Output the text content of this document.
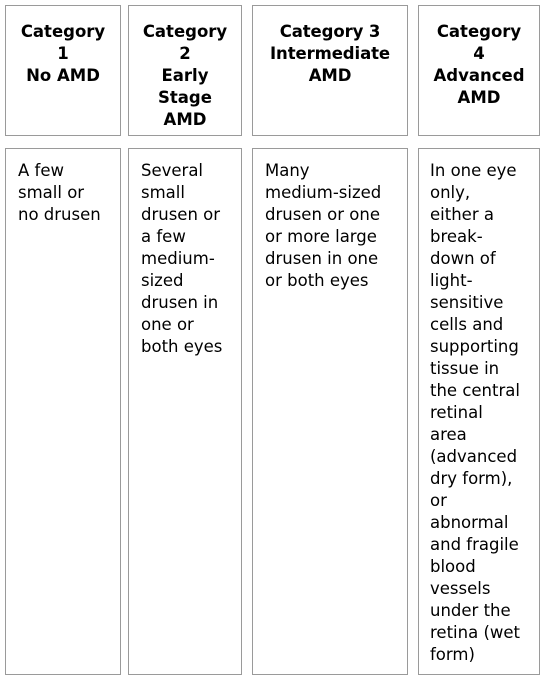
Category
1
No AMD
Category
2
Early
Stage
AMD
Category 3
Intermediate
AMD
Category
4
Advanced
AMD
A few
small or
no drusen
Several
small
drusen or
a few
medium-
sized
drusen in
one or
both eyes
Many
medium-sized
drusen or one
or more large
drusen in one
or both eyes
In one eye
only,
either a
break-
down of
light-
sensitive
cells and
supporting
tissue in
the central
retinal
area
(advanced
dry form),
or
abnormal
and fragile
blood
vessels
under the
retina (wet
form)
